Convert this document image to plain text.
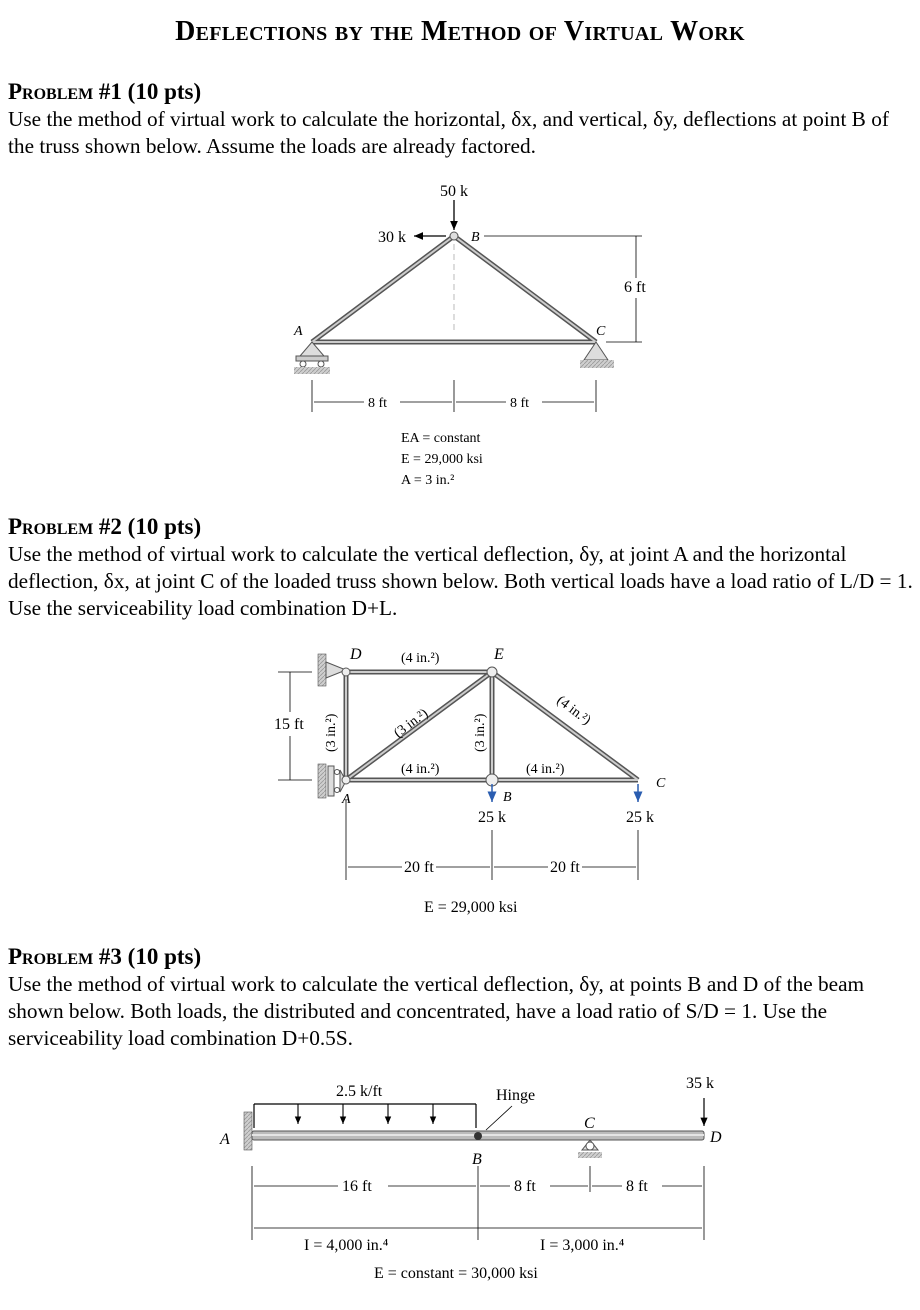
Deflections by the Method of Virtual Work
Problem #1 (10 pts)
Use the method of virtual work to calculate the horizontal, δx, and vertical, δy, deflections at point B of the truss shown below. Assume the loads are already factored.
50 k
30 k
A
B
C
6 ft
8 ft	8 ft
EA = constant
E = 29,000 ksi
A = 3 in.²
Problem #2 (10 pts)
Use the method of virtual work to calculate the vertical deflection, δy, at joint A and the horizontal deflection, δx, at joint C of the loaded truss shown below. Both vertical loads have a load ratio of L/D = 1. Use the serviceability load combination D+L.
D	E
A	B
C
(4 in.²)
(4 in.²)	(4 in.²)
(3 in.²)	(4 in.²)
(3 in.²)	(3 in.²)
15 ft
25 k	25 k
20 ft	20 ft
E = 29,000 ksi
Problem #3 (10 pts)
Use the method of virtual work to calculate the vertical deflection, δy, at points B and D of the beam shown below. Both loads, the distributed and concentrated, have a load ratio of S/D = 1. Use the serviceability load combination D+0.5S.
A
2.5 k/ft	Hinge
B
C
35 k
D
16 ft	8 ft	8 ft
I = 4,000 in.⁴	I = 3,000 in.⁴
E = constant = 30,000 ksi
